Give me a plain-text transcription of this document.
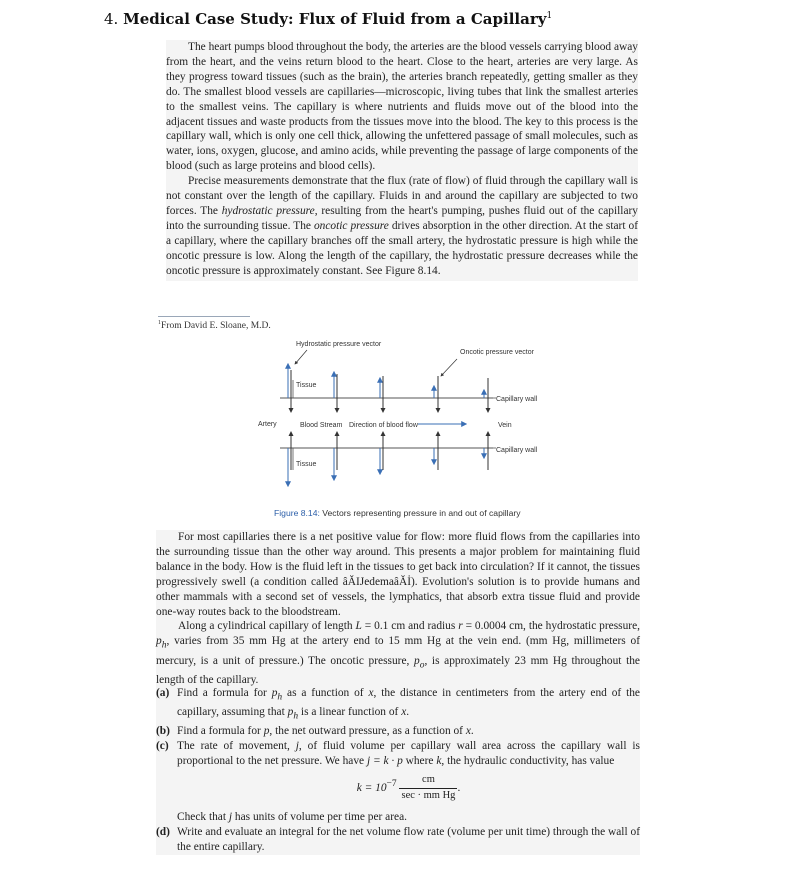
4. Medical Case Study: Flux of Fluid from a Capillary$^1$

The heart pumps blood throughout the body, the arteries are the blood vessels carrying blood away from the heart, and the veins return blood to the heart. Close to the heart, arteries are very large. As they progress toward tissues (such as the brain), the arteries branch repeatedly, getting smaller as they do. The smallest blood vessels are capillaries—microscopic, living tubes that link the smallest arteries to the smallest veins. The capillary is where nutrients and fluids move out of the blood into the adjacent tissues and waste products from the tissues move into the blood. The key to this process is the capillary wall, which is only one cell thick, allowing the unfettered passage of small molecules, such as water, ions, oxygen, glucose, and amino acids, while preventing the passage of large components of the blood (such as large proteins and blood cells).

Precise measurements demonstrate that the flux (rate of flow) of fluid through the capillary wall is not constant over the length of the capillary. Fluids in and around the capillary are subjected to two forces. The hydrostatic pressure, resulting from the heart's pumping, pushes fluid out of the capillary into the surrounding tissue. The oncotic pressure drives absorption in the other direction. At the start of a capillary, where the capillary branches off the small artery, the hydrostatic pressure is high while the oncotic pressure is low. Along the length of the capillary, the hydrostatic pressure decreases while the oncotic pressure is approximately constant. See Figure 8.14.

$^1$From David E. Sloane, M.D.
Hydrostatic pressure vector
Oncotic pressure vector
Tissue
Tissue
Capillary wall
Capillary wall
Artery	Blood Stream Direction of blood flow	Vein
Figure 8.14: Vectors representing pressure in and out of capillary

For most capillaries there is a net positive value for flow: more fluid flows from the capillaries into the surrounding tissue than the other way around. This presents a major problem for maintaining fluid balance in the body. How is the fluid left in the tissues to get back into circulation? If it cannot, the tissues progressively swell (a condition called âĂIJedemaâĂİ). Evolution's solution is to provide humans and other mammals with a second set of vessels, the lymphatics, that absorb extra tissue fluid and provide one-way routes back to the bloodstream.

Along a cylindrical capillary of length L = 0.1 cm and radius r = 0.0004 cm, the hydrostatic pressure, $p_h$, varies from 35 mm Hg at the artery end to 15 mm Hg at the vein end. (mm Hg, millimeters of mercury, is a unit of pressure.) The oncotic pressure, $p_o$, is approximately 23 mm Hg throughout the length of the capillary.

(a) Find a formula for $p_h$ as a function of x, the distance in centimeters from the artery end of the capillary, assuming that $p_h$ is a linear function of x.
(b) Find a formula for p, the net outward pressure, as a function of x.
(c) The rate of movement, j, of fluid volume per capillary wall area across the capillary wall is proportional to the net pressure. We have j = k · p where k, the hydraulic conductivity, has value
$k = 10^{-7} \frac{cm}{\text{sec · mm Hg}}$ .
Check that j has units of volume per time per area.
(d) Write and evaluate an integral for the net volume flow rate (volume per unit time) through the wall of the entire capillary.
